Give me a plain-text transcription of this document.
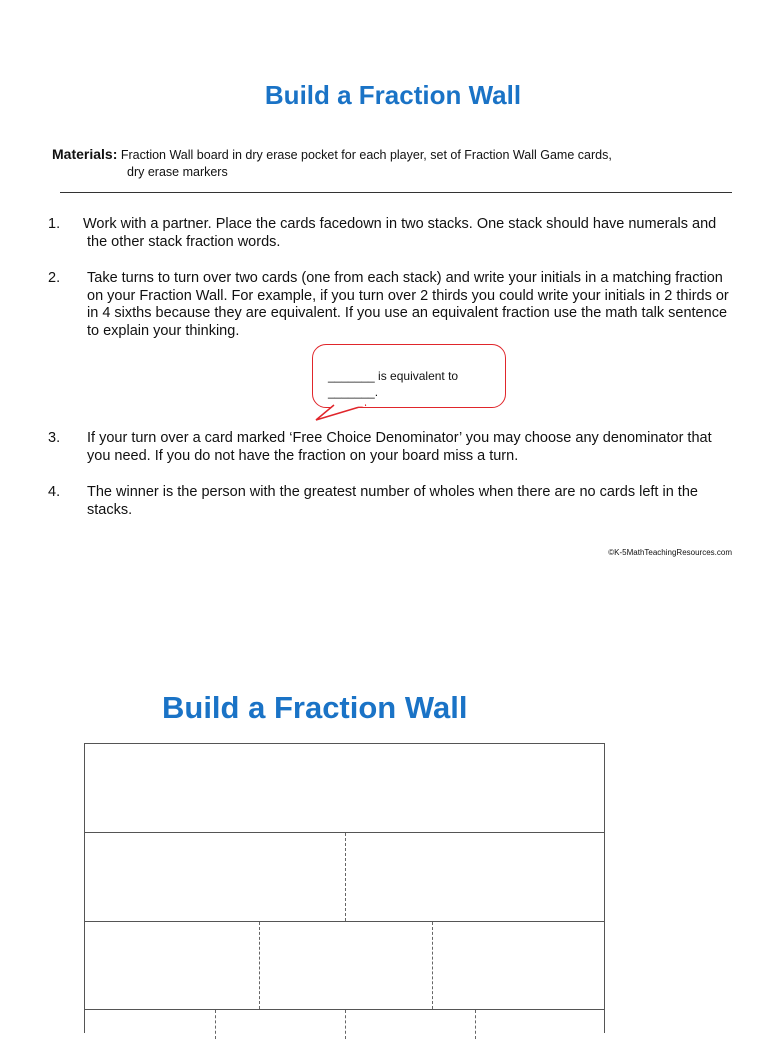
Build a Fraction Wall
Materials: Fraction Wall board in dry erase pocket for each player, set of Fraction Wall Game cards,
dry erase markers
1.	Work with a partner. Place the cards facedown in two stacks. One stack should have numerals and the other stack fraction words.
2.	Take turns to turn over two cards (one from each stack) and write your initials in a matching fraction on your Fraction Wall. For example, if you turn over 2 thirds you could write your initials in 2 thirds or in 4 sixths because they are equivalent. If you use an equivalent fraction use the math talk sentence to explain your thinking.
_______ is equivalent to
_______.
3.	If your turn over a card marked ‘Free Choice Denominator’ you may choose any denominator that you need. If you do not have the fraction on your board miss a turn.
4.	The winner is the person with the greatest number of wholes when there are no cards left in the stacks.
©K-5MathTeachingResources.com
Build a Fraction Wall
